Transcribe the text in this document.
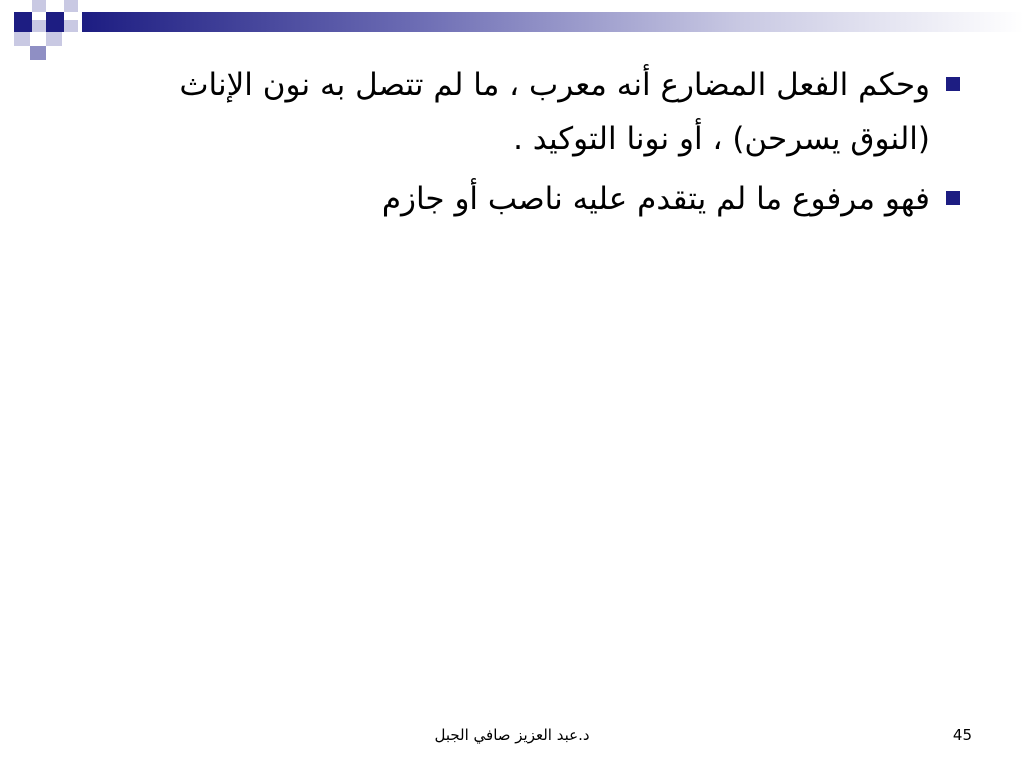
وحكم الفعل المضارع أنه معرب ، ما لم تتصل به نون الإناث (النوق يسرحن) ، أو نونا التوكيد .
فهو مرفوع ما لم يتقدم عليه ناصب أو جازم
د.عبد العزيز صافي الجبل	45
